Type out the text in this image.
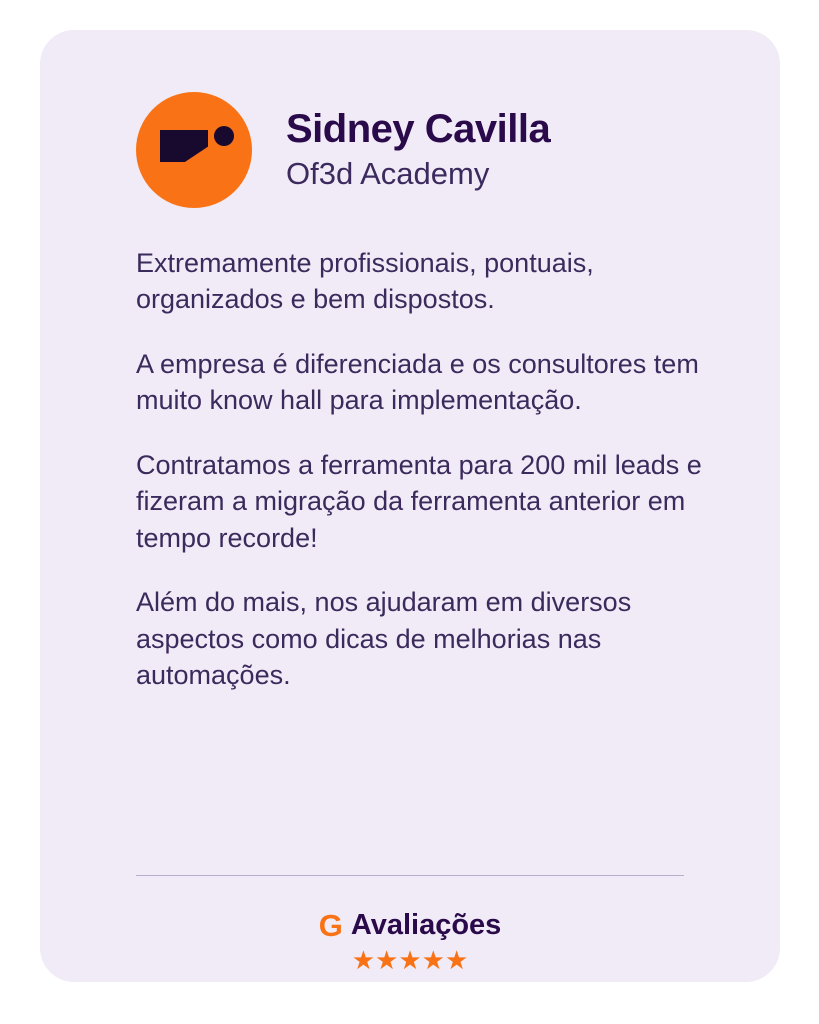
Sidney Cavilla
Of3d Academy

Extremamente profissionais, pontuais, organizados e bem dispostos.

A empresa é diferenciada e os consultores tem muito know hall para implementação.

Contratamos a ferramenta para 200 mil leads e fizeram a migração da ferramenta anterior em tempo recorde!

Além do mais, nos ajudaram em diversos aspectos como dicas de melhorias nas automações.

G Avaliações
★★★★★
